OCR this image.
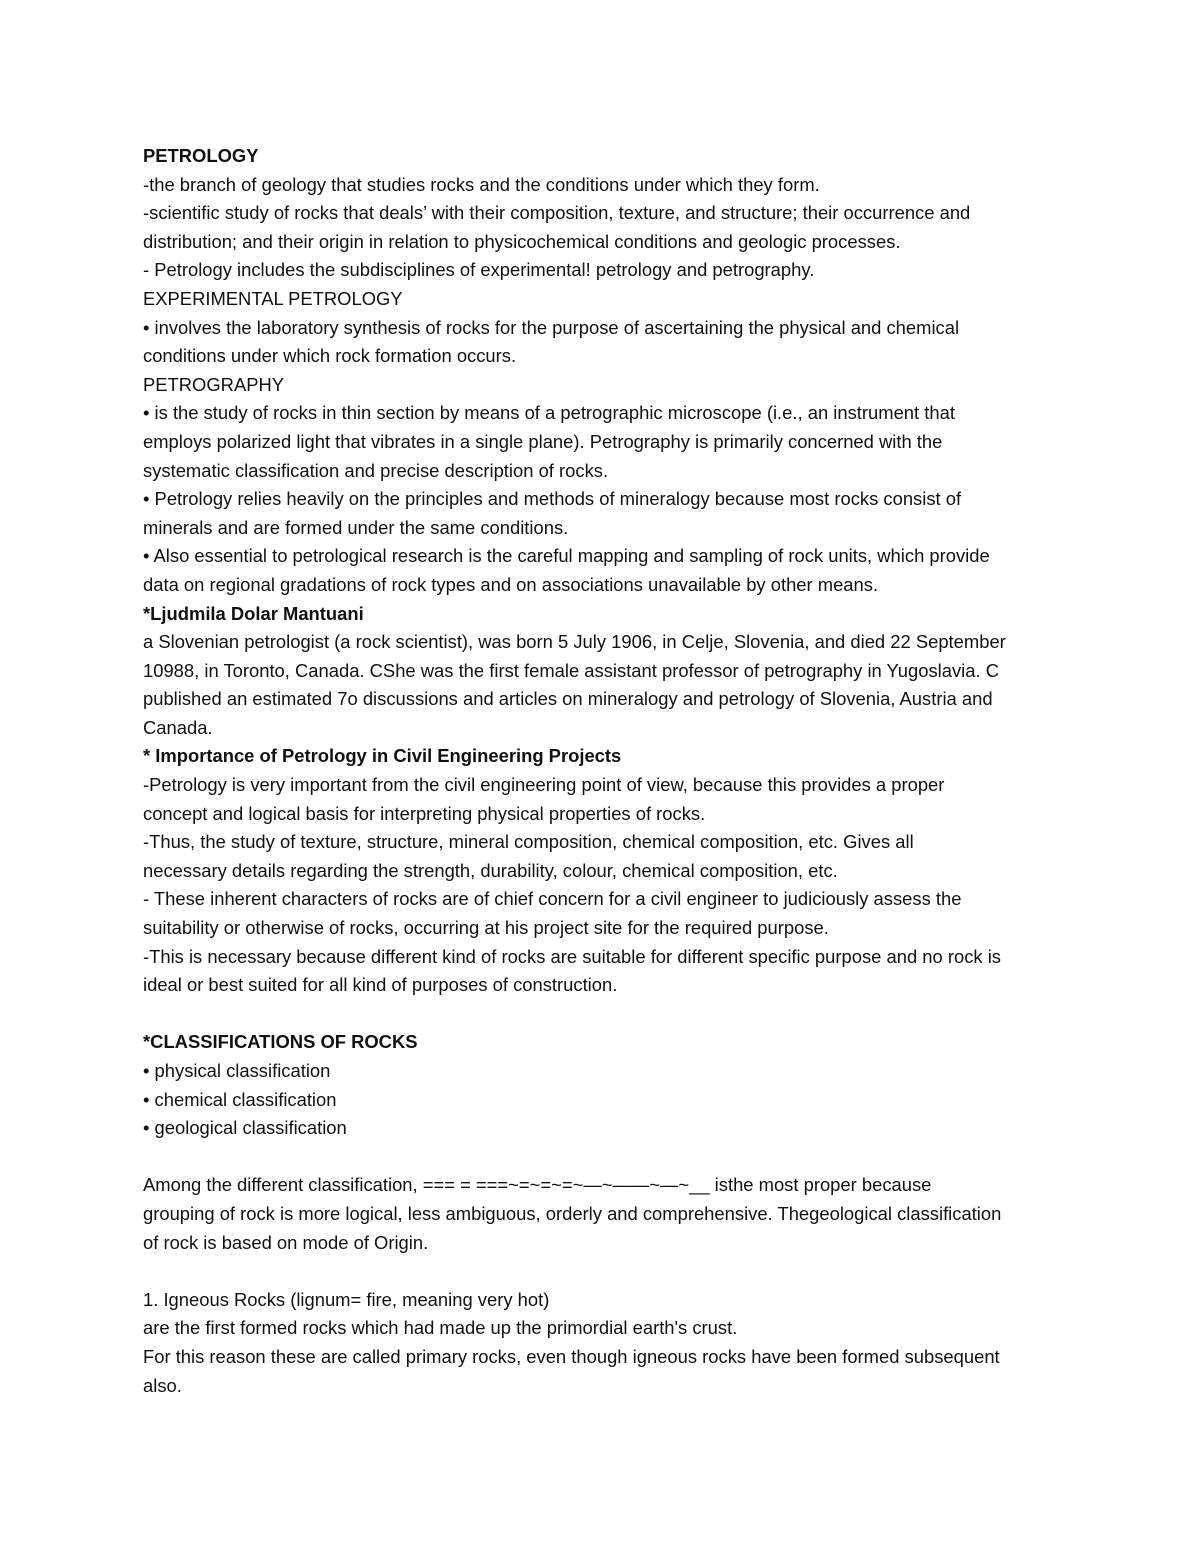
PETROLOGY
-the branch of geology that studies rocks and the conditions under which they form.
-scientific study of rocks that deals’ with their composition, texture, and structure; their occurrence and
distribution; and their origin in relation to physicochemical conditions and geologic processes.
- Petrology includes the subdisciplines of experimental! petrology and petrography.
EXPERIMENTAL PETROLOGY
• involves the laboratory synthesis of rocks for the purpose of ascertaining the physical and chemical
conditions under which rock formation occurs.
PETROGRAPHY
• is the study of rocks in thin section by means of a petrographic microscope (i.e., an instrument that
employs polarized light that vibrates in a single plane). Petrography is primarily concerned with the
systematic classification and precise description of rocks.
• Petrology relies heavily on the principles and methods of mineralogy because most rocks consist of
minerals and are formed under the same conditions.
• Also essential to petrological research is the careful mapping and sampling of rock units, which provide
data on regional gradations of rock types and on associations unavailable by other means.
*Ljudmila Dolar Mantuani
a Slovenian petrologist (a rock scientist), was born 5 July 1906, in Celje, Slovenia, and died 22 September
10988, in Toronto, Canada. CShe was the first female assistant professor of petrography in Yugoslavia. C
published an estimated 7o discussions and articles on mineralogy and petrology of Slovenia, Austria and
Canada.
* Importance of Petrology in Civil Engineering Projects
-Petrology is very important from the civil engineering point of view, because this provides a proper
concept and logical basis for interpreting physical properties of rocks.
-Thus, the study of texture, structure, mineral composition, chemical composition, etc. Gives all
necessary details regarding the strength, durability, colour, chemical composition, etc.
- These inherent characters of rocks are of chief concern for a civil engineer to judiciously assess the
suitability or otherwise of rocks, occurring at his project site for the required purpose.
-This is necessary because different kind of rocks are suitable for different specific purpose and no rock is
ideal or best suited for all kind of purposes of construction.
*CLASSIFICATIONS OF ROCKS
• physical classification
• chemical classification
• geological classification
Among the different classification, === = ===~=~=~=~—~——~—~__ isthe most proper because
grouping of rock is more logical, less ambiguous, orderly and comprehensive. Thegeological classification
of rock is based on mode of Origin.
1. Igneous Rocks (lignum= fire, meaning very hot)
are the first formed rocks which had made up the primordial earth's crust.
For this reason these are called primary rocks, even though igneous rocks have been formed subsequent
also.
